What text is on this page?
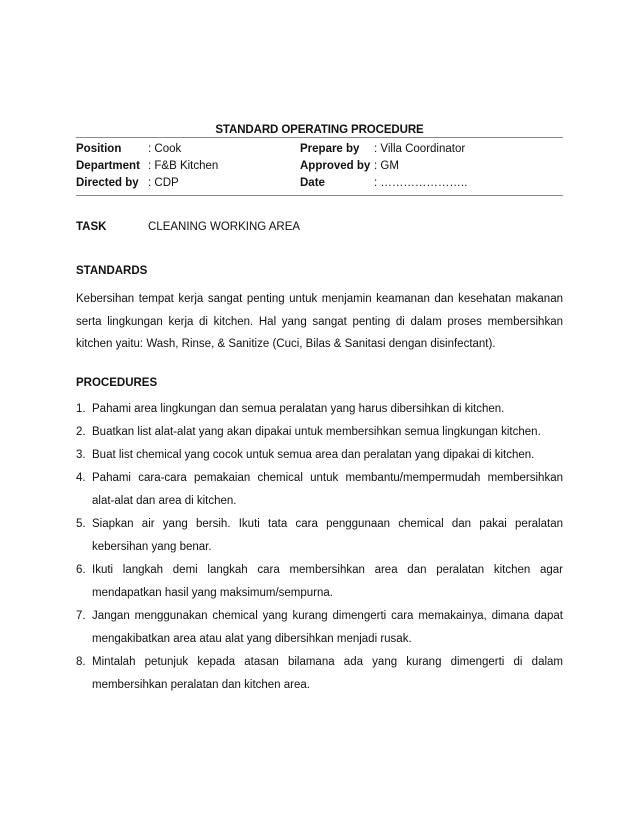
STANDARD OPERATING PROCEDURE
Position : Cook	Prepare by : Villa Coordinator
Department : F&B Kitchen	Approved by : GM
Directed by : CDP	Date	: …………………..
TASK	CLEANING WORKING AREA
STANDARDS
Kebersihan tempat kerja sangat penting untuk menjamin keamanan dan kesehatan makanan serta lingkungan kerja di kitchen. Hal yang sangat penting di dalam proses membersihkan kitchen yaitu: Wash, Rinse, & Sanitize (Cuci, Bilas & Sanitasi dengan disinfectant).
PROCEDURES
1. Pahami area lingkungan dan semua peralatan yang harus dibersihkan di kitchen.
2. Buatkan list alat-alat yang akan dipakai untuk membersihkan semua lingkungan kitchen.
3. Buat list chemical yang cocok untuk semua area dan peralatan yang dipakai di kitchen.
4. Pahami cara-cara pemakaian chemical untuk membantu/mempermudah membersihkan alat-alat dan area di kitchen.
5. Siapkan air yang bersih. Ikuti tata cara penggunaan chemical dan pakai peralatan kebersihan yang benar.
6. Ikuti langkah demi langkah cara membersihkan area dan peralatan kitchen agar mendapatkan hasil yang maksimum/sempurna.
7. Jangan menggunakan chemical yang kurang dimengerti cara memakainya, dimana dapat mengakibatkan area atau alat yang dibersihkan menjadi rusak.
8. Mintalah petunjuk kepada atasan bilamana ada yang kurang dimengerti di dalam membersihkan peralatan dan kitchen area.
